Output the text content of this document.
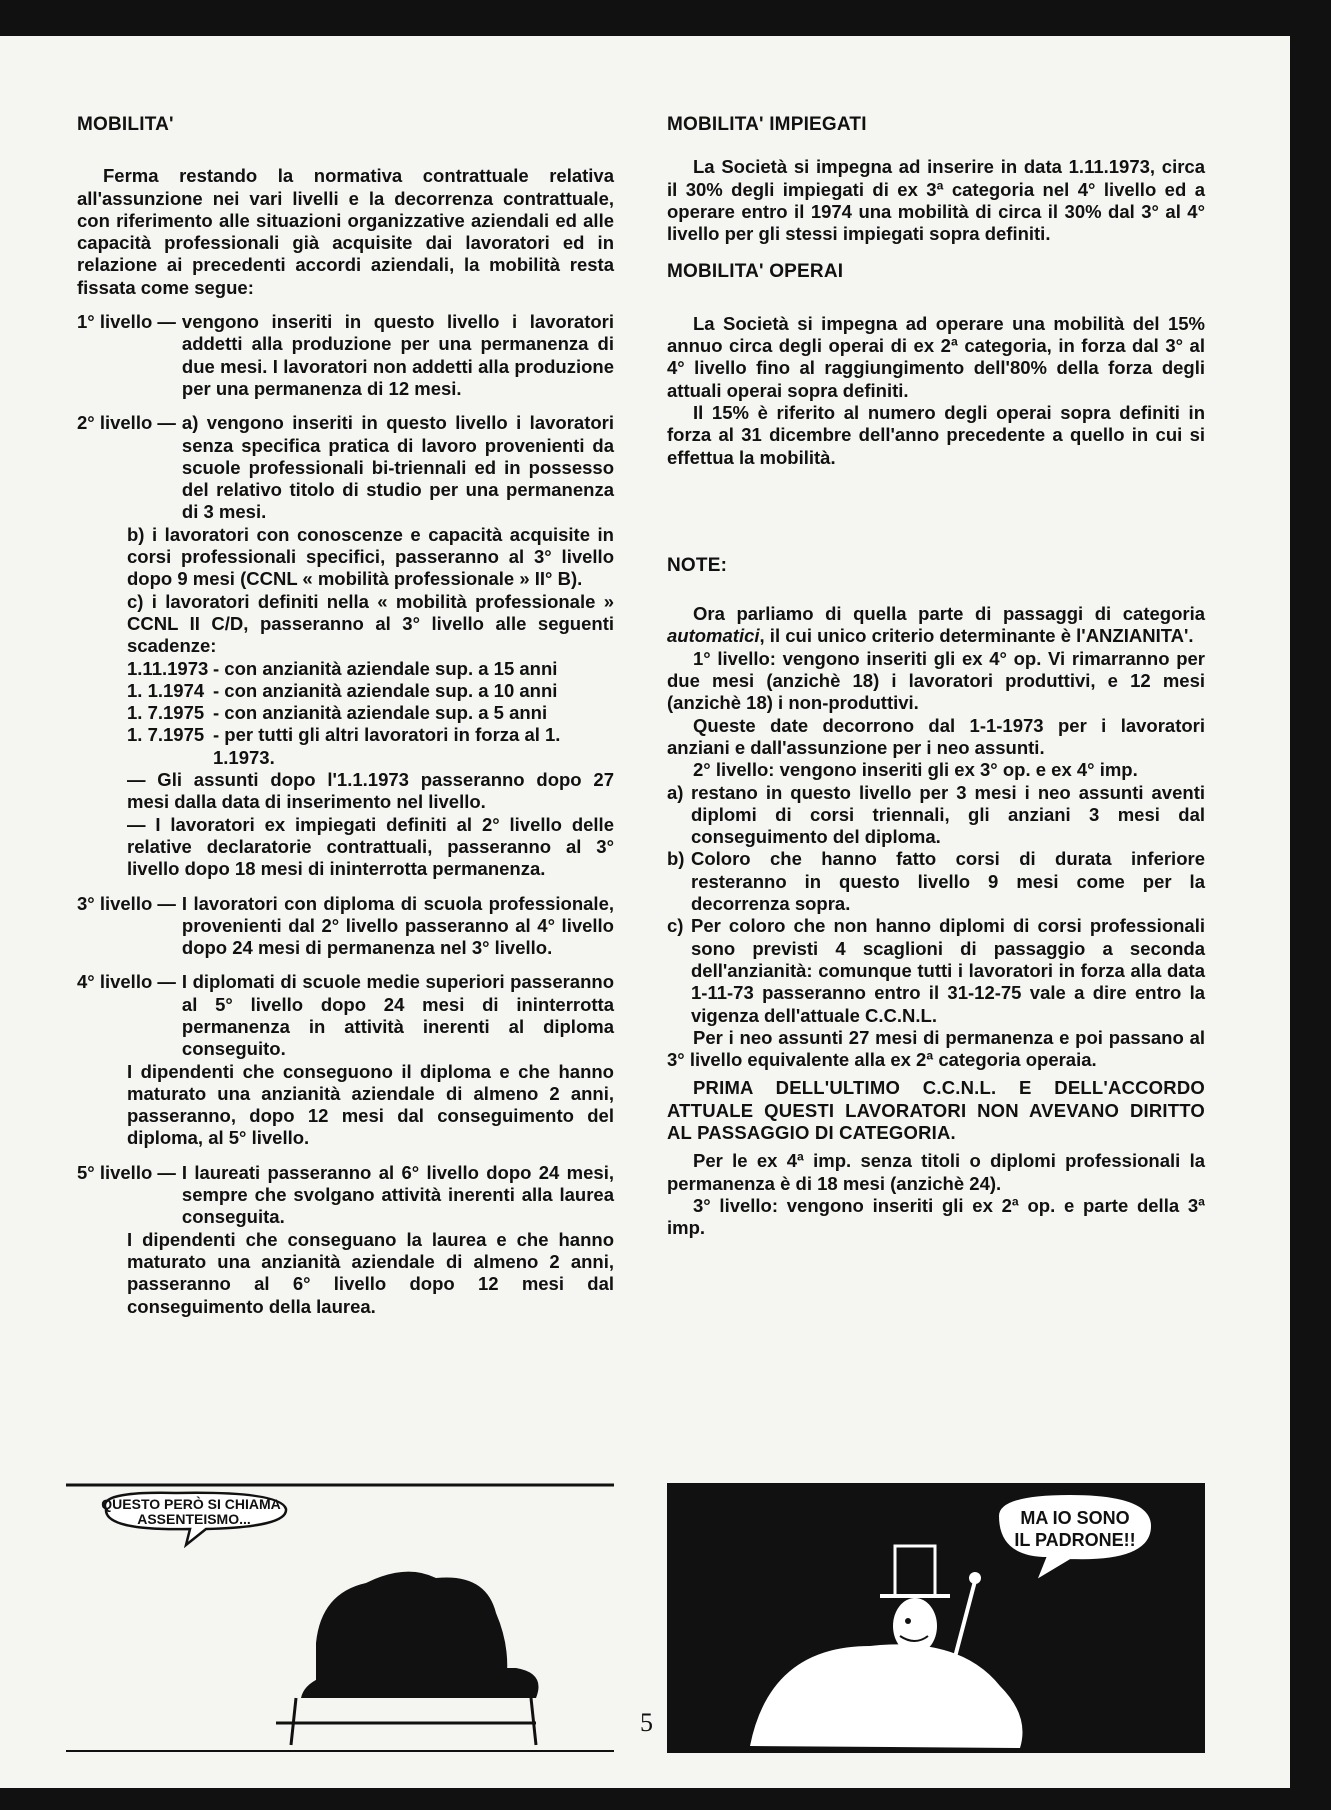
MOBILITA'

Ferma restando la normativa contrattuale relativa all'assunzione nei vari livelli e la decorrenza contrattuale, con riferimento alle situazioni organizzative aziendali ed alle capacità professionali già acquisite dai lavoratori ed in relazione ai precedenti accordi aziendali, la mobilità resta fissata come segue:

1° livello — vengono inseriti in questo livello i lavoratori addetti alla produzione per una permanenza di due mesi. I lavoratori non addetti alla produzione per una permanenza di 12 mesi.
2° livello — a) vengono inseriti in questo livello i lavoratori senza specifica pratica di lavoro provenienti da scuole professionali bi-triennali ed in possesso del relativo titolo di studio per una permanenza di 3 mesi.

b) i lavoratori con conoscenze e capacità acquisite in corsi professionali specifici, passeranno al 3° livello dopo 9 mesi (CCNL « mobilità professionale » II° B).

c) i lavoratori definiti nella « mobilità professionale » CCNL II C/D, passeranno al 3° livello alle seguenti scadenze:

1.11.1973 - con anzianità aziendale sup. a 15 anni
1. 1.1974 - con anzianità aziendale sup. a 10 anni
1. 7.1975 - con anzianità aziendale sup. a 5 anni
1. 7.1975 - per tutti gli altri lavoratori in forza al 1. 1.1973.

— Gli assunti dopo l'1.1.1973 passeranno dopo 27 mesi dalla data di inserimento nel livello.

— I lavoratori ex impiegati definiti al 2° livello delle relative declaratorie contrattuali, passeranno al 3° livello dopo 18 mesi di ininterrotta permanenza.

3° livello — I lavoratori con diploma di scuola professionale, provenienti dal 2° livello passeranno al 4° livello dopo 24 mesi di permanenza nel 3° livello.
4° livello — I diplomati di scuole medie superiori passeranno al 5° livello dopo 24 mesi di ininterrotta permanenza in attività inerenti al diploma conseguito.

I dipendenti che conseguono il diploma e che hanno maturato una anzianità aziendale di almeno 2 anni, passeranno, dopo 12 mesi dal conseguimento del diploma, al 5° livello.

5° livello — I laureati passeranno al 6° livello dopo 24 mesi, sempre che svolgano attività inerenti alla laurea conseguita.

I dipendenti che conseguano la laurea e che hanno maturato una anzianità aziendale di almeno 2 anni, passeranno al 6° livello dopo 12 mesi dal conseguimento della laurea.

MOBILITA' IMPIEGATI

La Società si impegna ad inserire in data 1.11.1973, circa il 30% degli impiegati di ex 3ª categoria nel 4° livello ed a operare entro il 1974 una mobilità di circa il 30% dal 3° al 4° livello per gli stessi impiegati sopra definiti.

MOBILITA' OPERAI

La Società si impegna ad operare una mobilità del 15% annuo circa degli operai di ex 2ª categoria, in forza dal 3° al 4° livello fino al raggiungimento dell'80% della forza degli attuali operai sopra definiti.

Il 15% è riferito al numero degli operai sopra definiti in forza al 31 dicembre dell'anno precedente a quello in cui si effettua la mobilità.

NOTE:

Ora parliamo di quella parte di passaggi di categoria automatici, il cui unico criterio determinante è l'ANZIANITA'.

1° livello: vengono inseriti gli ex 4° op. Vi rimarranno per due mesi (anzichè 18) i lavoratori produttivi, e 12 mesi (anzichè 18) i non-produttivi.

Queste date decorrono dal 1-1-1973 per i lavoratori anziani e dall'assunzione per i neo assunti.

2° livello: vengono inseriti gli ex 3° op. e ex 4° imp.

a) restano in questo livello per 3 mesi i neo assunti aventi diplomi di corsi triennali, gli anziani 3 mesi dal conseguimento del diploma.
b) Coloro che hanno fatto corsi di durata inferiore resteranno in questo livello 9 mesi come per la decorrenza sopra.
c) Per coloro che non hanno diplomi di corsi professionali sono previsti 4 scaglioni di passaggio a seconda dell'anzianità: comunque tutti i lavoratori in forza alla data 1-11-73 passeranno entro il 31-12-75 vale a dire entro la vigenza dell'attuale C.C.N.L.

Per i neo assunti 27 mesi di permanenza e poi passano al 3° livello equivalente alla ex 2ª categoria operaia.

PRIMA DELL'ULTIMO C.C.N.L. E DELL'ACCORDO ATTUALE QUESTI LAVORATORI NON AVEVANO DIRITTO AL PASSAGGIO DI CATEGORIA.

Per le ex 4ª imp. senza titoli o diplomi professionali la permanenza è di 18 mesi (anzichè 24).

3° livello: vengono inseriti gli ex 2ª op. e parte della 3ª imp.

QUESTO PERÒ SI CHIAMA
ASSENTEISMO...	MA IO SONO
IL PADRONE!!
5
